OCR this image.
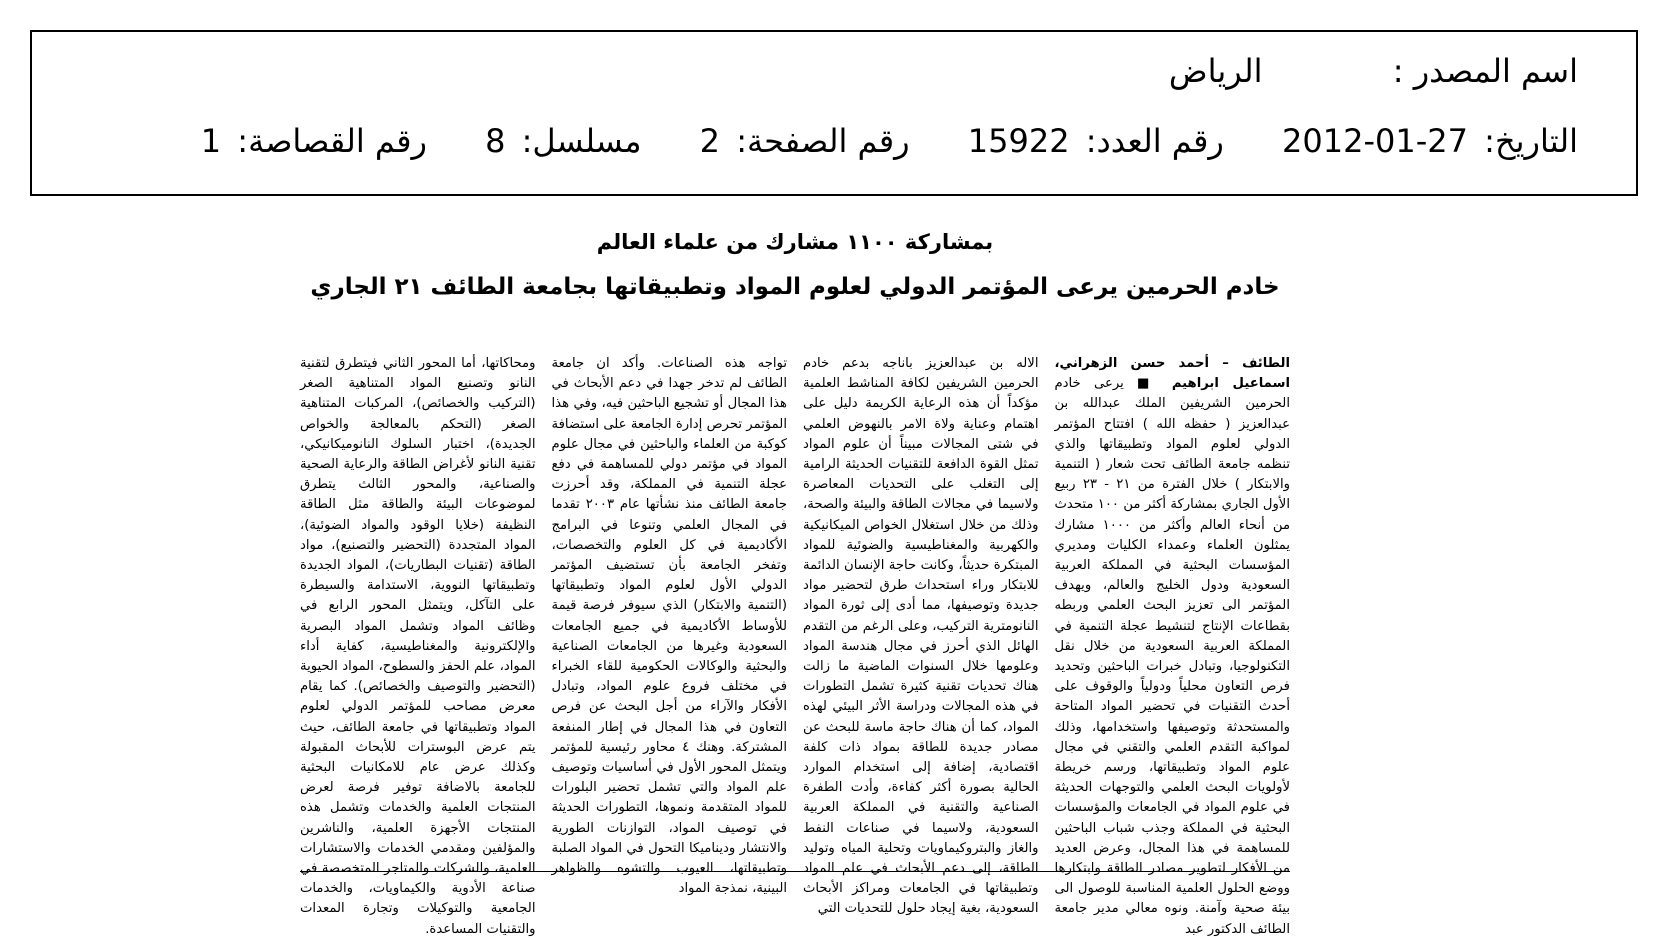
اسم المصدر : الرياض
التاريخ: 2012-01-27 رقم العدد: 15922 رقم الصفحة: 2 مسلسل: 8 رقم القصاصة: 1
بمشاركة ١١٠٠ مشارك من علماء العالم
خادم الحرمين يرعى المؤتمر الدولي لعلوم المواد وتطبيقاتها بجامعة الطائف ٢١ الجاري
الطائف – أحمد حسن الزهراني، اسماعيل ابراهيم ■ يرعى خادم الحرمين الشريفين الملك عبدالله بن عبدالعزيز ( حفظه الله ) افتتاح المؤتمر الدولي لعلوم المواد وتطبيقاتها والذي تنظمه جامعة الطائف تحت شعار ( التنمية والابتكار ) خلال الفترة من ٢١ - ٢٣ ربيع الأول الجاري بمشاركة أكثر من ١٠٠ متحدث من أنحاء العالم وأكثر من ١٠٠٠ مشارك يمثلون العلماء وعمداء الكليات ومديري المؤسسات البحثية في المملكة العربية السعودية ودول الخليج والعالم، ويهدف المؤتمر الى تعزيز البحث العلمي وربطه بقطاعات الإنتاج لتنشيط عجلة التنمية في المملكة العربية السعودية من خلال نقل التكنولوجيا، وتبادل خبرات الباحثين وتحديد فرص التعاون محلياً ودولياً والوقوف على أحدث التقنيات في تحضير المواد المتاحة والمستحدثة وتوصيفها واستخدامها، وذلك لمواكبة التقدم العلمي والتقني في مجال علوم المواد وتطبيقاتها، ورسم خريطة لأولويات البحث العلمي والتوجهات الحديثة في علوم المواد في الجامعات والمؤسسات البحثية في المملكة وجذب شباب الباحثين للمساهمة في هذا المجال، وعرض العديد من الأفكار لتطوير مصادر الطاقة وابتكارها ووضع الحلول العلمية المناسبة للوصول الى بيئة صحية وآمنة. ونوه معالي مدير جامعة الطائف الدكتور عبد
الاله بن عبدالعزيز باناجه بدعم خادم الحرمين الشريفين لكافة المناشط العلمية مؤكداً أن هذه الرعاية الكريمة دليل على اهتمام وعناية ولاة الامر بالنهوض العلمي في شتى المجالات مبيناً أن علوم المواد تمثل القوة الدافعة للتقنيات الحديثة الرامية إلى التغلب على التحديات المعاصرة ولاسيما في مجالات الطاقة والبيئة والصحة، وذلك من خلال استغلال الخواص الميكانيكية والكهربية والمغناطيسية والضوئية للمواد المبتكرة حديثاً، وكانت حاجة الإنسان الدائمة للابتكار وراء استحداث طرق لتحضير مواد جديدة وتوصيفها، مما أدى إلى ثورة المواد النانومترية التركيب، وعلى الرغم من التقدم الهائل الذي أحرز في مجال هندسة المواد وعلومها خلال السنوات الماضية ما زالت هناك تحديات تقنية كثيرة تشمل التطورات في هذه المجالات ودراسة الأثر البيئي لهذه المواد، كما أن هناك حاجة ماسة للبحث عن مصادر جديدة للطاقة بمواد ذات كلفة اقتصادية، إضافة إلى استخدام الموارد الحالية بصورة أكثر كفاءة، وأدت الطفرة الصناعية والتقنية في المملكة العربية السعودية، ولاسيما في صناعات النفط والغاز والبتروكيماويات وتحلية المياه وتوليد الطاقة، إلى دعم الأبحاث في علم المواد وتطبيقاتها في الجامعات ومراكز الأبحاث السعودية، بغية إيجاد حلول للتحديات التي
تواجه هذه الصناعات. وأكد ان جامعة الطائف لم تدخر جهدا في دعم الأبحاث في هذا المجال أو تشجيع الباحثين فيه، وفي هذا المؤتمر تحرص إدارة الجامعة على استضافة كوكبة من العلماء والباحثين في مجال علوم المواد في مؤتمر دولي للمساهمة في دفع عجلة التنمية في المملكة، وقد أحرزت جامعة الطائف منذ نشأتها عام ٢٠٠٣ تقدما في المجال العلمي وتنوعا في البرامج الأكاديمية في كل العلوم والتخصصات، وتفخر الجامعة بأن تستضيف المؤتمر الدولي الأول لعلوم المواد وتطبيقاتها (التنمية والابتكار) الذي سيوفر فرصة قيمة للأوساط الأكاديمية في جميع الجامعات السعودية وغيرها من الجامعات الصناعية والبحثية والوكالات الحكومية للقاء الخبراء في مختلف فروع علوم المواد، وتبادل الأفكار والآراء من أجل البحث عن فرص التعاون في هذا المجال في إطار المنفعة المشتركة. وهنك ٤ محاور رئيسية للمؤتمر ويتمثل المحور الأول في أساسيات وتوصيف علم المواد والتي تشمل تحضير البلورات للمواد المتقدمة ونموها، التطورات الحديثة في توصيف المواد، التوازنات الطورية والانتشار وديناميكا التحول في المواد الصلبة وتطبيقاتها، العيوب والتشوه والظواهر البينية، نمذجة المواد
ومحاكاتها، أما المحور الثاني فيتطرق لتقنية النانو وتصنيع المواد المتناهية الصغر (التركيب والخصائص)، المركبات المتناهية الصغر (التحكم بالمعالجة والخواص الجديدة)، اختبار السلوك النانوميكانيكي، تقنية النانو لأغراض الطاقة والرعاية الصحية والصناعية، والمحور الثالث يتطرق لموضوعات البيئة والطاقة مثل الطاقة النظيفة (خلايا الوقود والمواد الضوئية)، المواد المتجددة (التحضير والتصنيع)، مواد الطاقة (تقنيات البطاريات)، المواد الجديدة وتطبيقاتها النووية، الاستدامة والسيطرة على التآكل، ويتمثل المحور الرابع في وظائف المواد وتشمل المواد البصرية والإلكترونية والمغناطيسية، كفاية أداء المواد، علم الحفز والسطوح، المواد الحيوية (التحضير والتوصيف والخصائص). كما يقام معرض مصاحب للمؤتمر الدولي لعلوم المواد وتطبيقاتها في جامعة الطائف، حيث يتم عرض البوسترات للأبحاث المقبولة وكذلك عرض عام للامكانيات البحثية للجامعة بالاضافة توفير فرصة لعرض المنتجات العلمية والخدمات وتشمل هذه المنتجات الأجهزة العلمية، والناشرين والمؤلفين ومقدمي الخدمات والاستشارات العلمية، والشركات والمتاجر المتخصصة في صناعة الأدوية والكيماويات، والخدمات الجامعية والتوكيلات وتجارة المعدات والتقنيات المساعدة.
